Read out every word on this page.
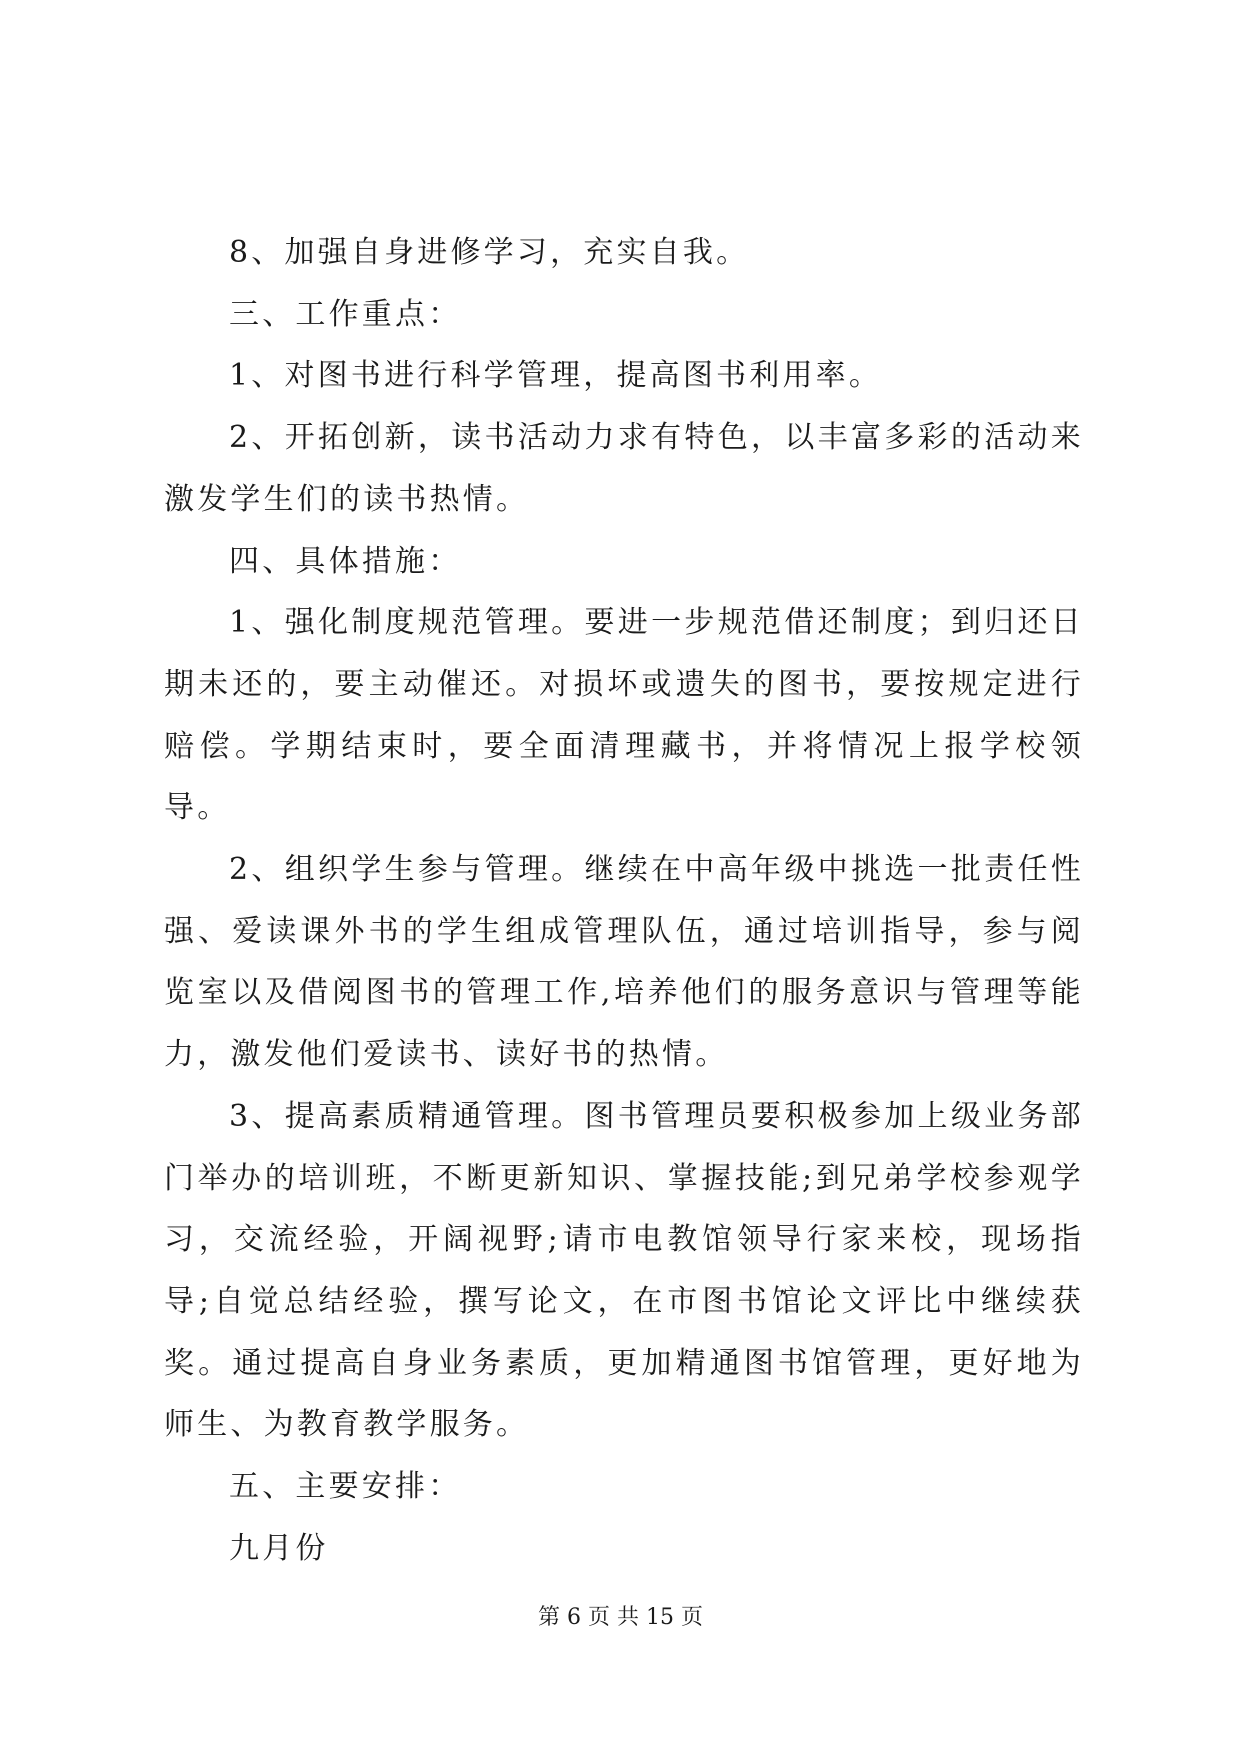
8、加强自身进修学习，充实自我。

三、工作重点：

1、对图书进行科学管理，提高图书利用率。

2、开拓创新，读书活动力求有特色，以丰富多彩的活动来激发学生们的读书热情。

四、具体措施：

1、强化制度规范管理。要进一步规范借还制度；到归还日期未还的，要主动催还。对损坏或遗失的图书，要按规定进行赔偿。学期结束时，要全面清理藏书，并将情况上报学校领导。

2、组织学生参与管理。继续在中高年级中挑选一批责任性强、爱读课外书的学生组成管理队伍，通过培训指导，参与阅览室以及借阅图书的管理工作,培养他们的服务意识与管理等能力，激发他们爱读书、读好书的热情。

3、提高素质精通管理。图书管理员要积极参加上级业务部门举办的培训班，不断更新知识、掌握技能;到兄弟学校参观学习，交流经验，开阔视野;请市电教馆领导行家来校，现场指导;自觉总结经验，撰写论文，在市图书馆论文评比中继续获奖。通过提高自身业务素质，更加精通图书馆管理，更好地为师生、为教育教学服务。

五、主要安排：

九月份

第 6 页 共 15 页
